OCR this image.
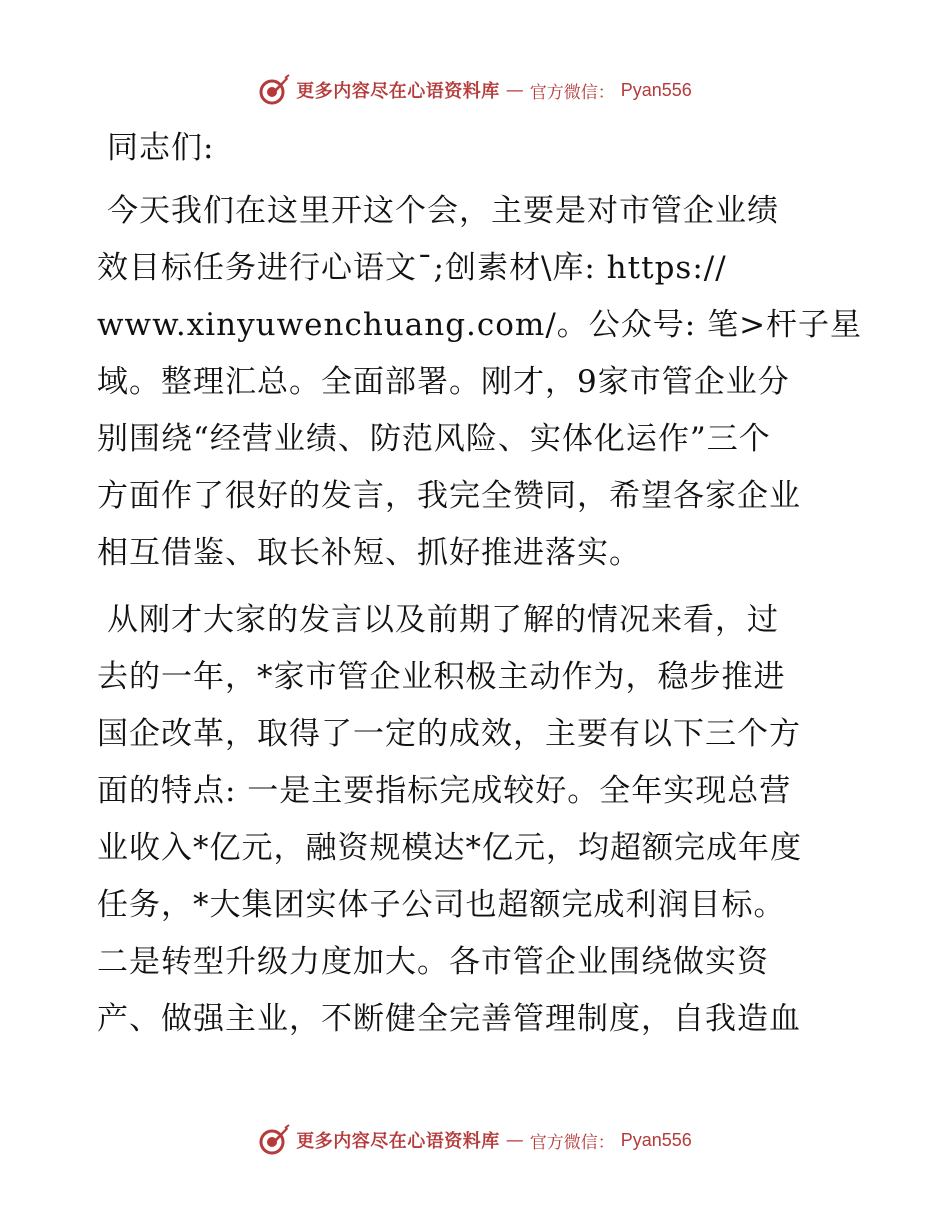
更多内容尽在心语资料库 — 官方微信： Pyan556
同志们:
今天我们在这里开这个会，主要是对市管企业绩
效目标任务进行心语文¯;创素材\库: https://
www.xinyuwenchuang.com/。公众号: 笔>杆子星
域。整理汇总。全面部署。刚才，9家市管企业分
别围绕“经营业绩、防范风险、实体化运作”三个
方面作了很好的发言，我完全赞同，希望各家企业
相互借鉴、取长补短、抓好推进落实。
从刚才大家的发言以及前期了解的情况来看，过
去的一年，*家市管企业积极主动作为，稳步推进
国企改革，取得了一定的成效，主要有以下三个方
面的特点: 一是主要指标完成较好。全年实现总营
业收入*亿元，融资规模达*亿元，均超额完成年度
任务，*大集团实体子公司也超额完成利润目标。
二是转型升级力度加大。各市管企业围绕做实资
产、做强主业，不断健全完善管理制度，自我造血
更多内容尽在心语资料库 — 官方微信： Pyan556
